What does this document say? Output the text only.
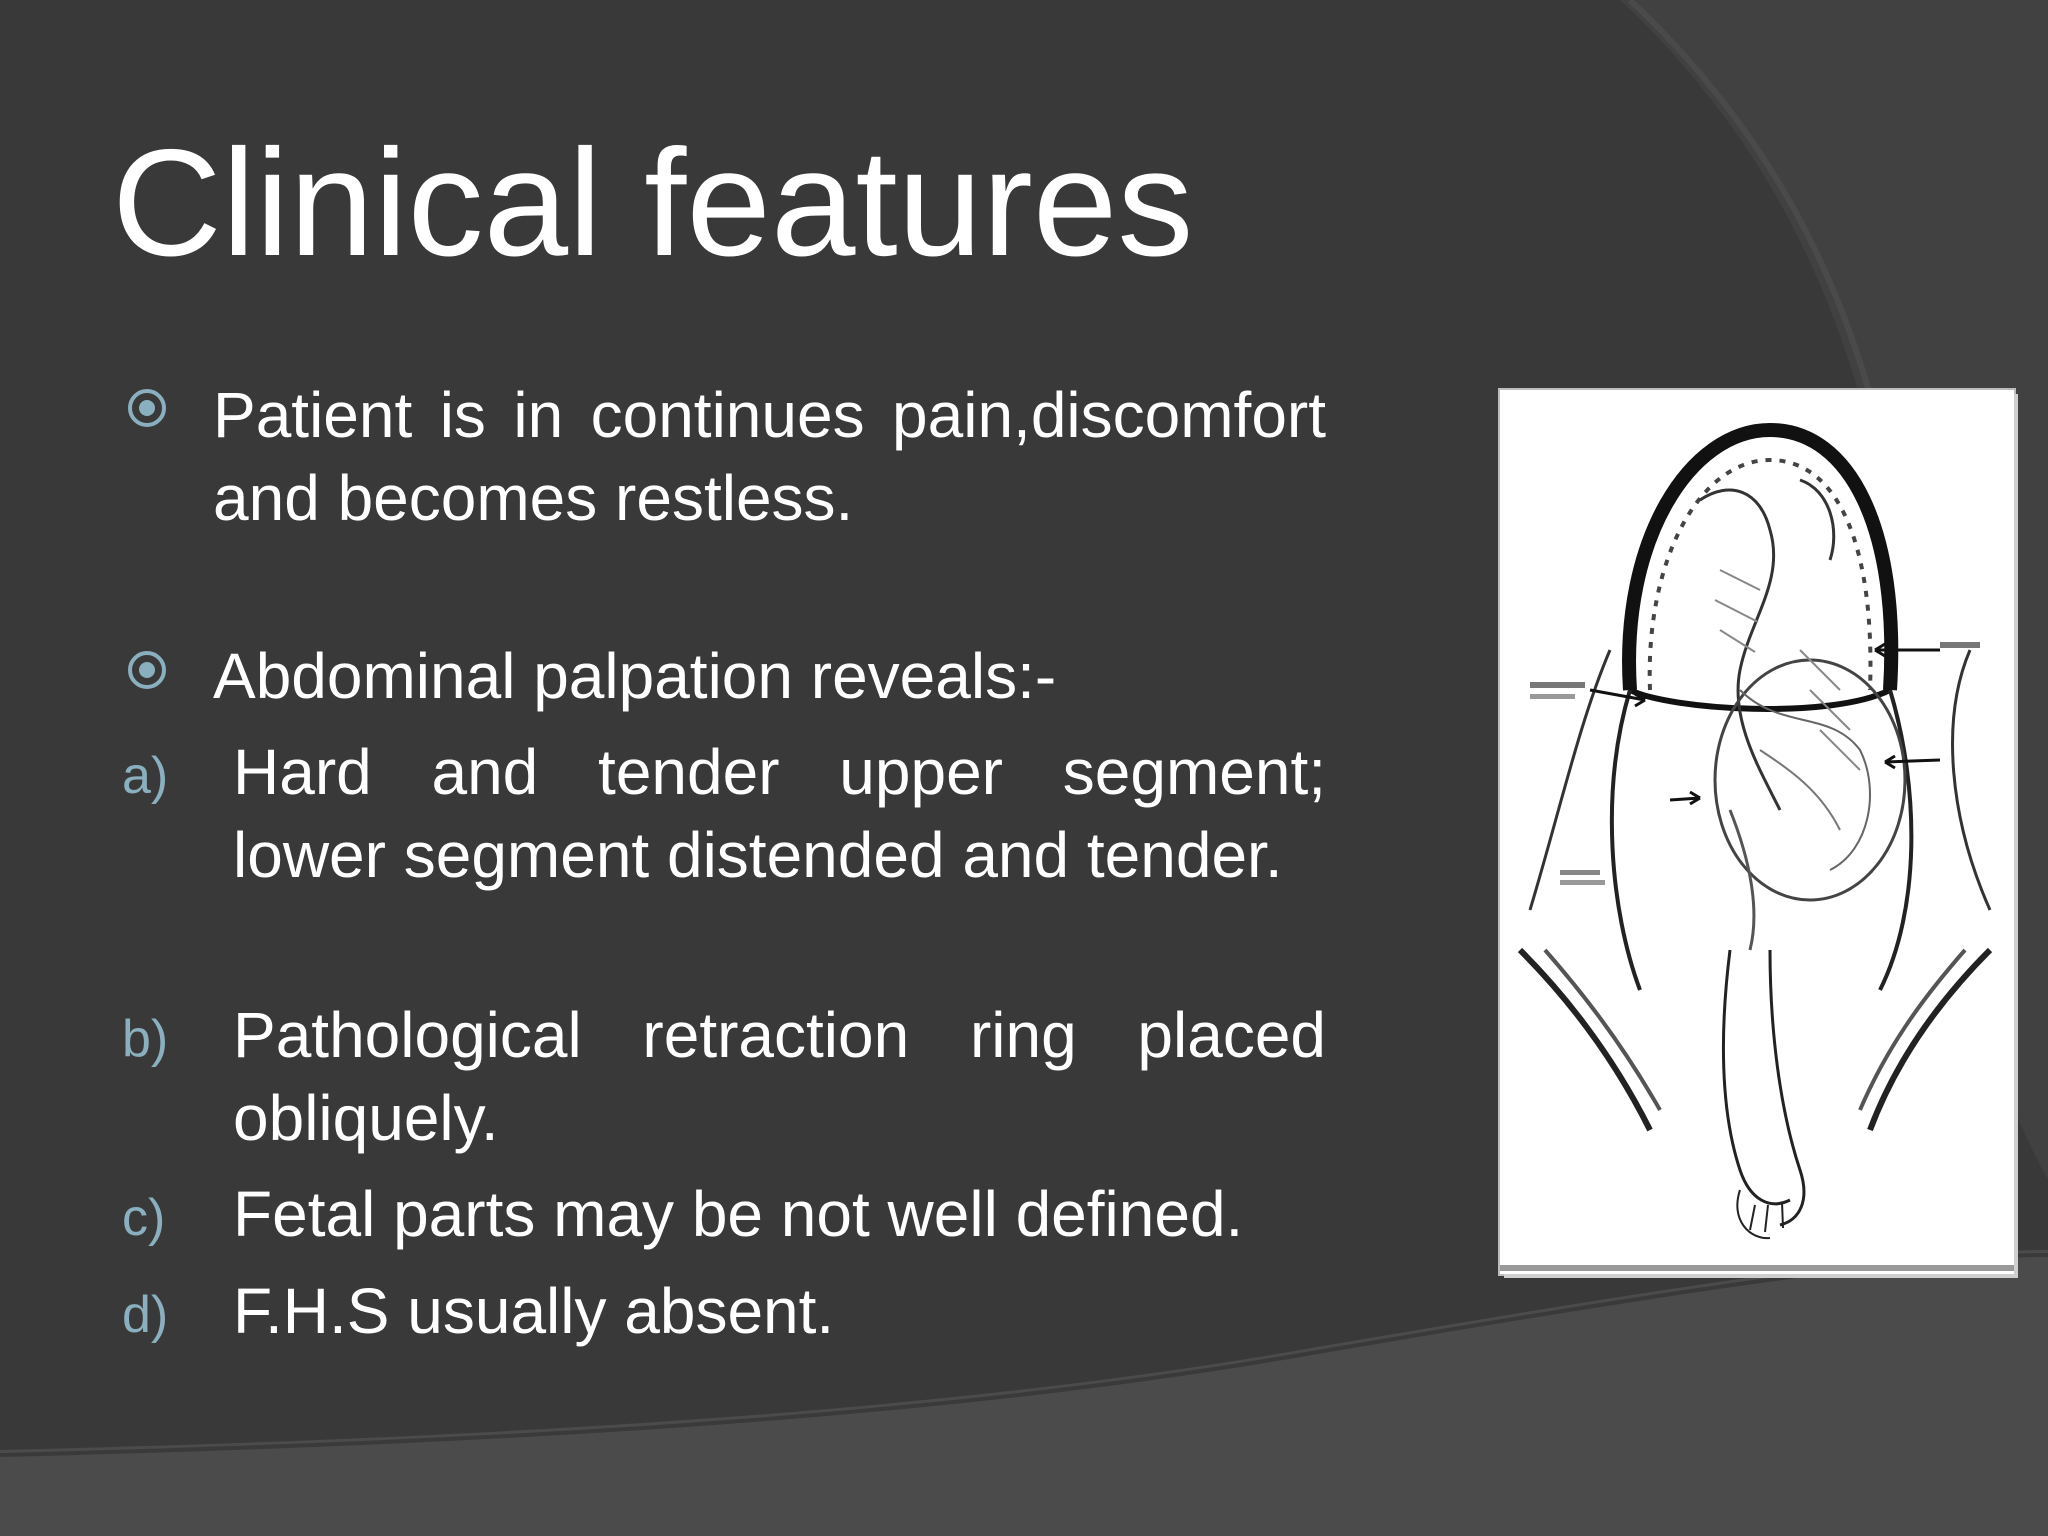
Clinical features
Patient is in continues pain,discomfort and becomes restless.
Abdominal palpation reveals:-
a) Hard and tender upper segment; lower segment distended and tender.
b) Pathological retraction ring placed obliquely.
c) Fetal parts may be not well defined.
d) F.H.S usually absent.
